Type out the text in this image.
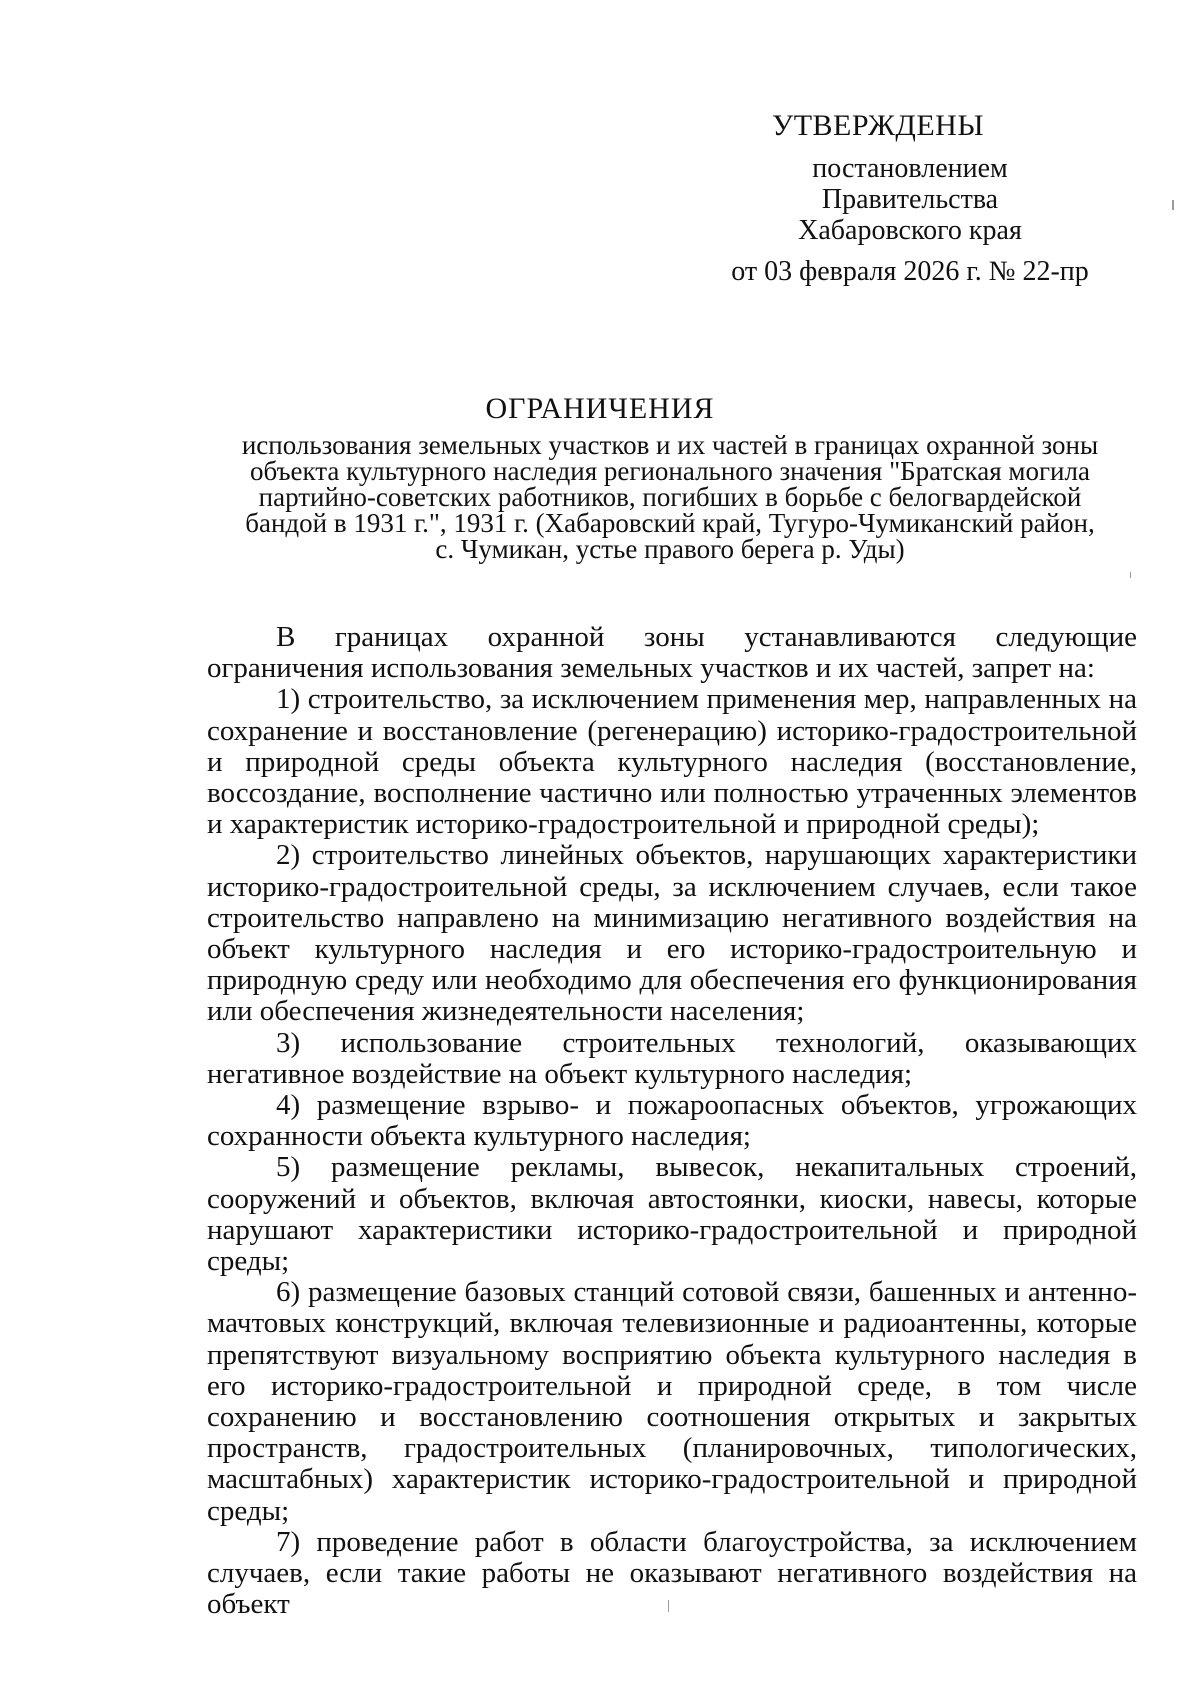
УТВЕРЖДЕНЫ
постановлением
Правительства
Хабаровского края
от 03 февраля 2026 г. № 22-пр
ОГРАНИЧЕНИЯ
использования земельных участков и их частей в границах охранной зоны
объекта культурного наследия регионального значения "Братская могила
партийно-советских работников, погибших в борьбе с белогвардейской
бандой в 1931 г.", 1931 г. (Хабаровский край, Тугуро-Чумиканский район,
с. Чумикан, устье правого берега р. Уды)

В границах охранной зоны устанавливаются следующие ограничения использования земельных участков и их частей, запрет на:

1) строительство, за исключением применения мер, направленных на сохранение и восстановление (регенерацию) историко-градостроительной и природной среды объекта культурного наследия (восстановление, воссоздание, восполнение частично или полностью утраченных элементов и характеристик историко-градостроительной и природной среды);

2) строительство линейных объектов, нарушающих характеристики историко-градостроительной среды, за исключением случаев, если такое строительство направлено на минимизацию негативного воздействия на объект культурного наследия и его историко-градостроительную и природную среду или необходимо для обеспечения его функционирования или обеспечения жизнедеятельности населения;

3) использование строительных технологий, оказывающих негативное воздействие на объект культурного наследия;

4) размещение взрыво- и пожароопасных объектов, угрожающих сохранности объекта культурного наследия;

5) размещение рекламы, вывесок, некапитальных строений, сооружений и объектов, включая автостоянки, киоски, навесы, которые нарушают характеристики историко-градостроительной и природной среды;

6) размещение базовых станций сотовой связи, башенных и антенно-мачтовых конструкций, включая телевизионные и радиоантенны, которые препятствуют визуальному восприятию объекта культурного наследия в его историко-градостроительной и природной среде, в том числе сохранению и восстановлению соотношения открытых и закрытых пространств, градостроительных (планировочных, типологических, масштабных) характеристик историко-градостроительной и природной среды;

7) проведение работ в области благоустройства, за исключением случаев, если такие работы не оказывают негативного воздействия на объект
